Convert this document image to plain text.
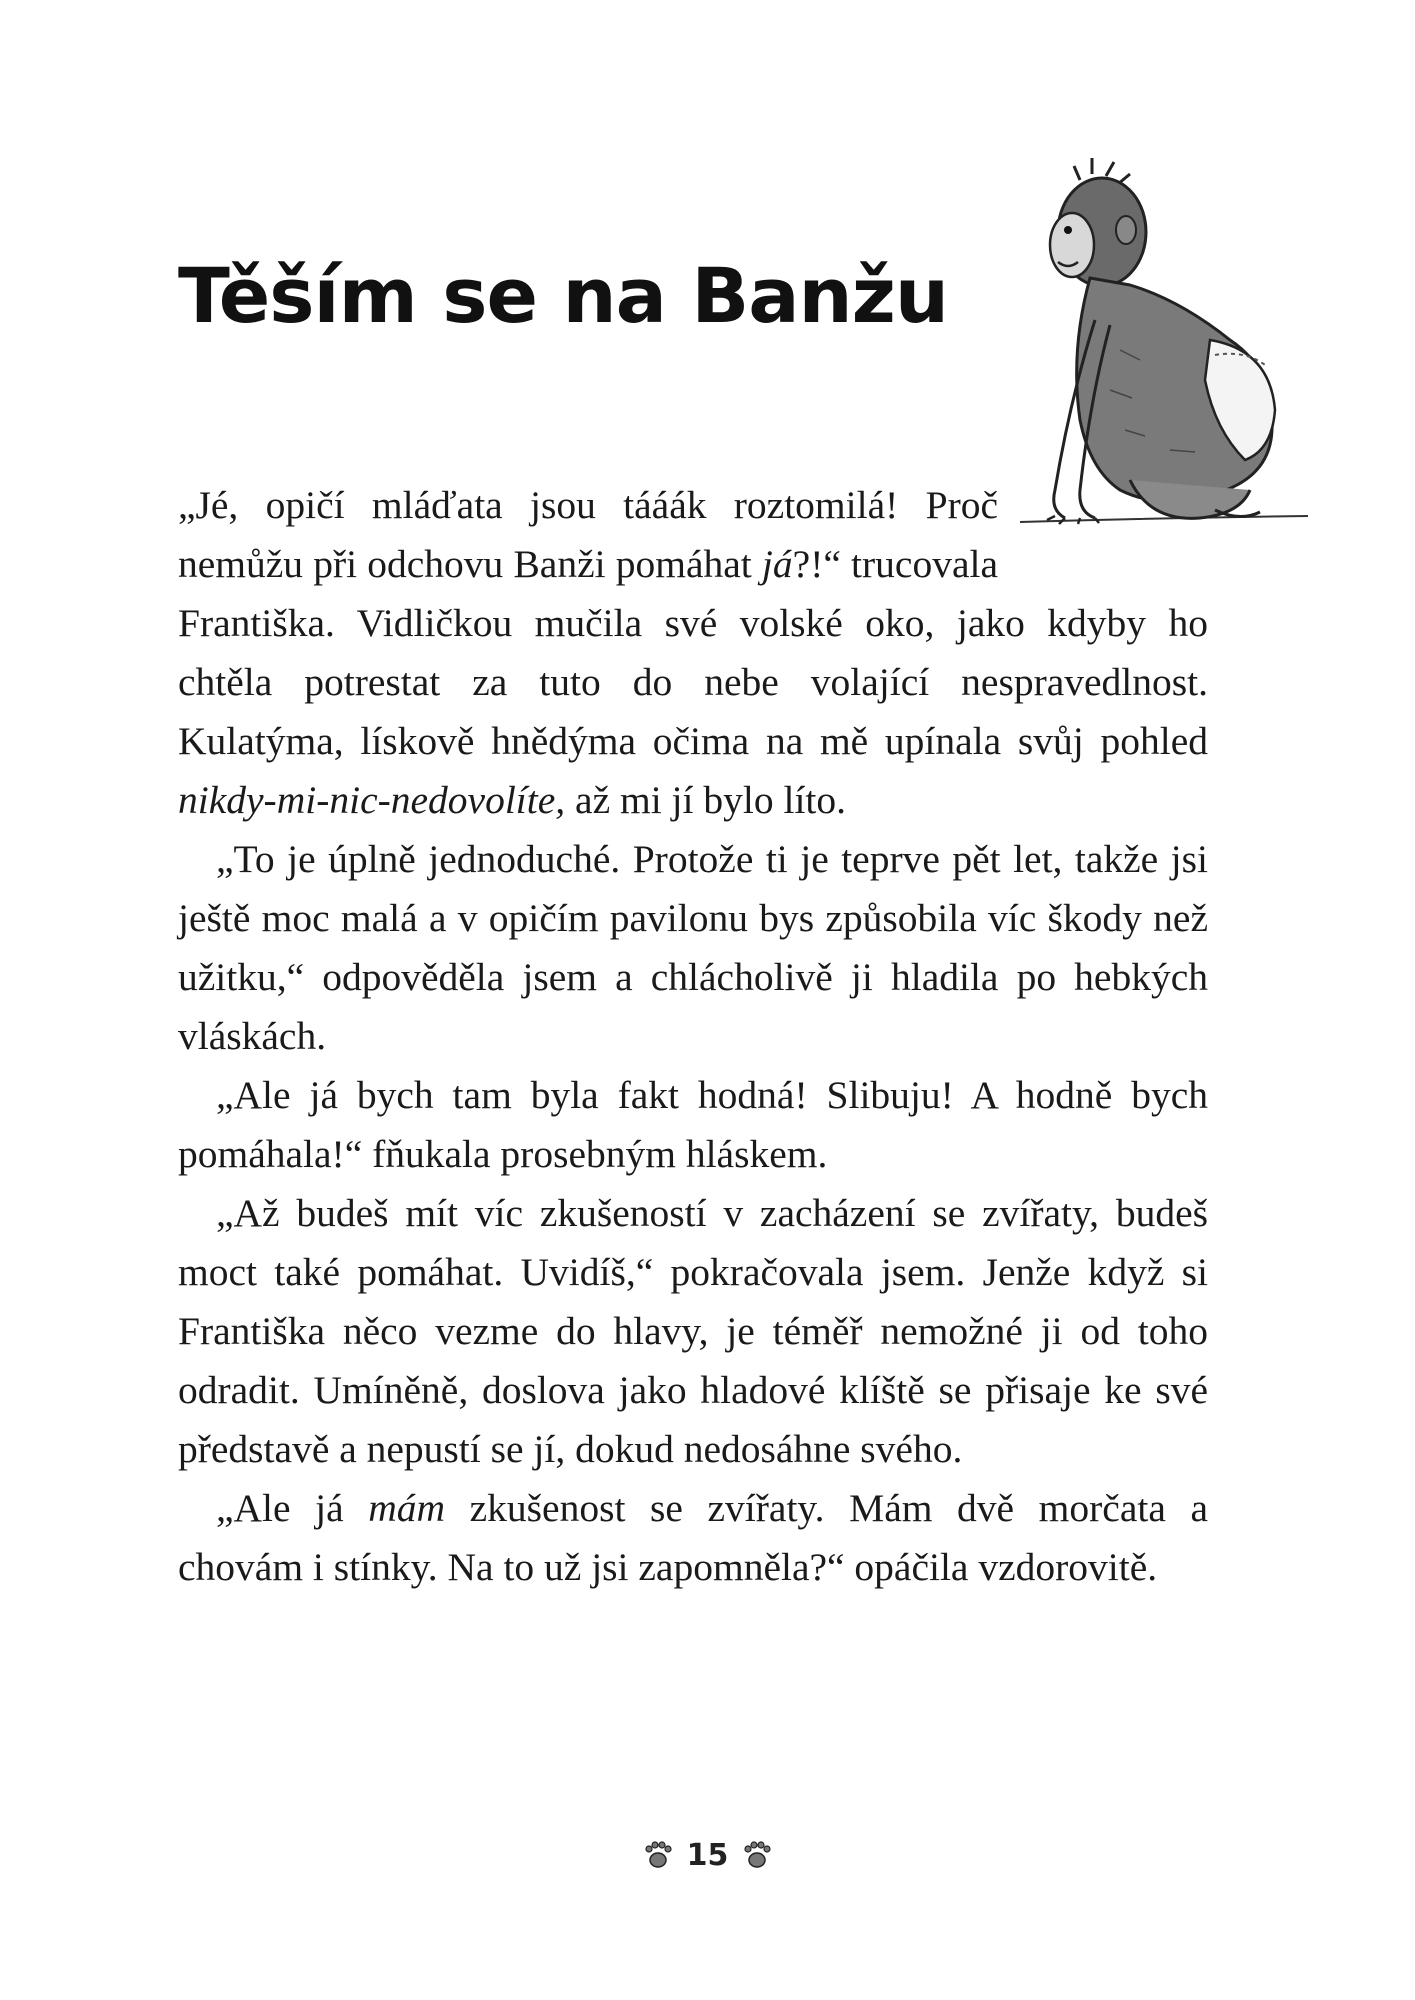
Těším se na Banžu

„Jé, opičí mláďata jsou tááák roztomilá! Proč nemůžu při odchovu Banži pomáhat já?!“ trucovala Františka. Vidličkou mučila své volské oko, jako kdyby ho chtěla potrestat za tuto do nebe volající nespravedlnost. Kulatýma, lískově hnědýma očima na mě upínala svůj pohled nikdy-mi-nic-nedovolíte, až mi jí bylo líto.

„To je úplně jednoduché. Protože ti je teprve pět let, takže jsi ještě moc malá a v opičím pavilonu bys způsobila víc škody než užitku,“ odpověděla jsem a chlácholivě ji hladila po hebkých vláskách.

„Ale já bych tam byla fakt hodná! Slibuju! A hodně bych pomáhala!“ fňukala prosebným hláskem.

„Až budeš mít víc zkušeností v zacházení se zvířaty, budeš moct také pomáhat. Uvidíš,“ pokračovala jsem. Jenže když si Františka něco vezme do hlavy, je téměř nemožné ji od toho odradit. Umíněně, doslova jako hladové klíště se přisaje ke své představě a nepustí se jí, dokud nedosáhne svého.

„Ale já mám zkušenost se zvířaty. Mám dvě morčata a chovám i stínky. Na to už jsi zapomněla?“ opáčila vzdorovitě.

15
